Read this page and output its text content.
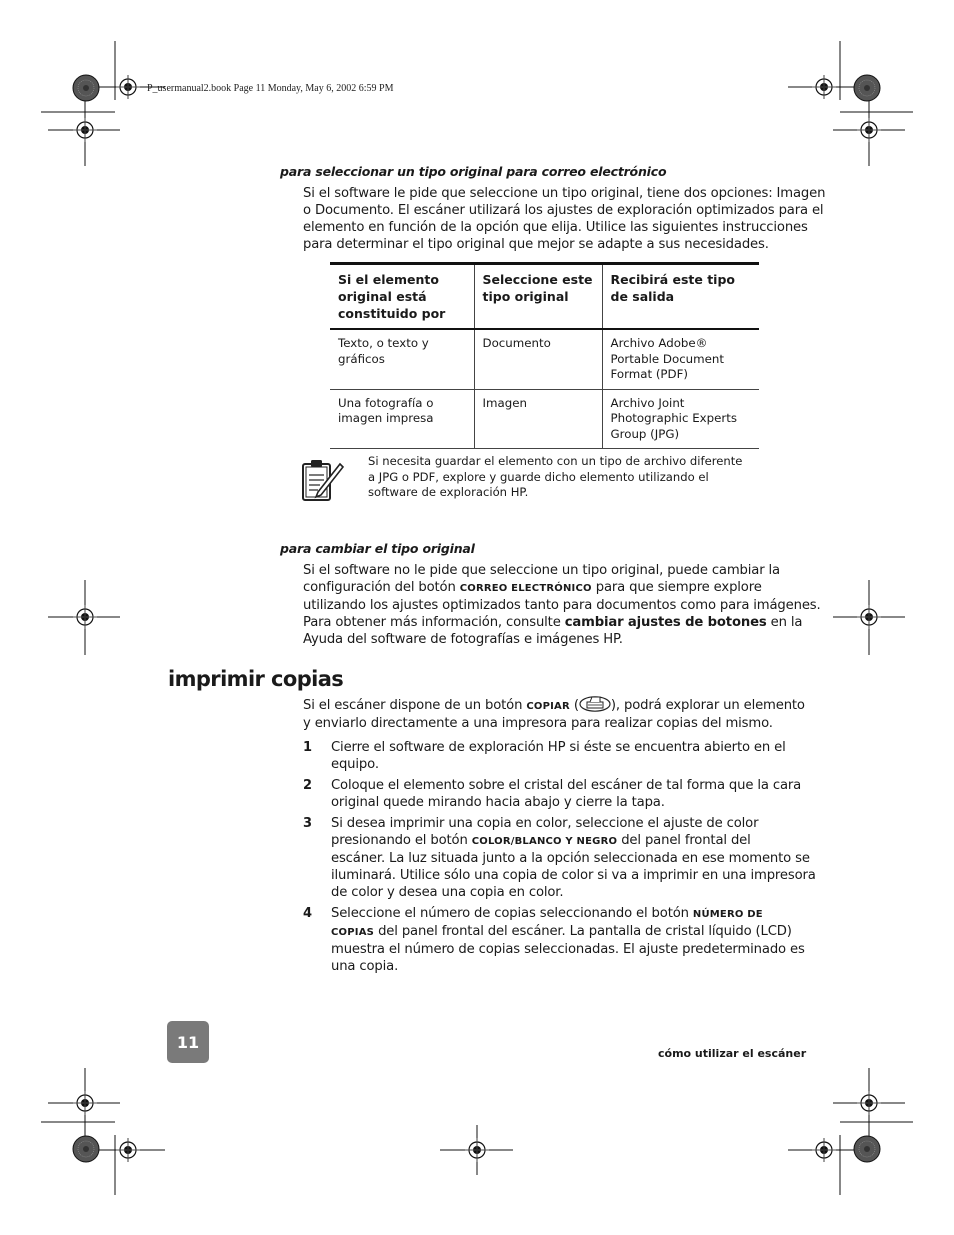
P_usermanual2.book Page 11 Monday, May 6, 2002 6:59 PM
para seleccionar un tipo original para correo electrónico
Si el software le pide que seleccione un tipo original, tiene dos opciones: Imagen
o Documento. El escáner utilizará los ajustes de exploración optimizados para el
elemento en función de la opción que elija. Utilice las siguientes instrucciones
para determinar el tipo original que mejor se adapte a sus necesidades.
Si el elemento original está constituido por	Seleccione este tipo original	Recibirá este tipo de salida
Texto, o texto y gráficos	Documento	Archivo Adobe® Portable Document Format (PDF)
Una fotografía o imagen impresa	Imagen	Archivo Joint Photographic Experts Group (JPG)
Si necesita guardar el elemento con un tipo de archivo diferente
a JPG o PDF, explore y guarde dicho elemento utilizando el
software de exploración HP.
para cambiar el tipo original
Si el software no le pide que seleccione un tipo original, puede cambiar la
configuración del botón CORREO ELECTRÓNICO para que siempre explore
utilizando los ajustes optimizados tanto para documentos como para imágenes.
Para obtener más información, consulte cambiar ajustes de botones en la
Ayuda del software de fotografías e imágenes HP.
imprimir copias
Si el escáner dispone de un botón COPIAR ( ), podrá explorar un elemento
y enviarlo directamente a una impresora para realizar copias del mismo.
1 Cierre el software de exploración HP si éste se encuentra abierto en el
equipo.
2 Coloque el elemento sobre el cristal del escáner de tal forma que la cara
original quede mirando hacia abajo y cierre la tapa.
3 Si desea imprimir una copia en color, seleccione el ajuste de color
presionando el botón COLOR/BLANCO Y NEGRO del panel frontal del
escáner. La luz situada junto a la opción seleccionada en ese momento se
iluminará. Utilice sólo una copia de color si va a imprimir en una impresora
de color y desea una copia en color.
4 Seleccione el número de copias seleccionando el botón NÚMERO DE
COPIAS del panel frontal del escáner. La pantalla de cristal líquido (LCD)
muestra el número de copias seleccionadas. El ajuste predeterminado es
una copia.
11
cómo utilizar el escáner
